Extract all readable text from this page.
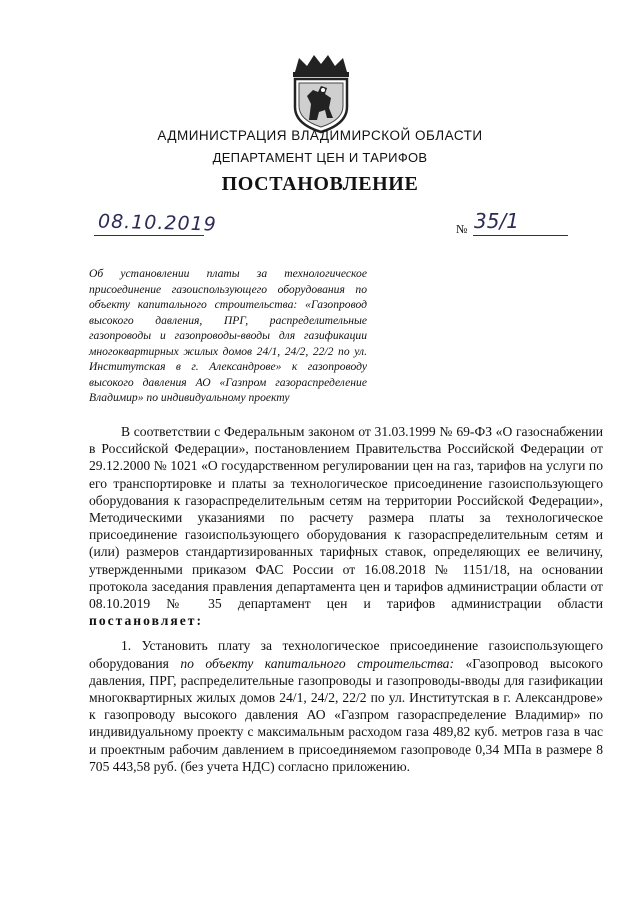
АДМИНИСТРАЦИЯ ВЛАДИМИРСКОЙ ОБЛАСТИ
ДЕПАРТАМЕНТ ЦЕН И ТАРИФОВ
ПОСТАНОВЛЕНИЕ
08.10.2019	№ 35/1
Об установлении платы за технологическое присоединение газоиспользующего оборудования по объекту капитального строительства: «Газопровод высокого давления, ПРГ, распределительные газопроводы и газопроводы-вводы для газификации многоквартирных жилых домов 24/1, 24/2, 22/2 по ул. Институтская в г. Александрове» к газопроводу высокого давления АО «Газпром газораспределение Владимир» по индивидуальному проекту

В соответствии с Федеральным законом от 31.03.1999 № 69-ФЗ «О газоснабжении в Российской Федерации», постановлением Правительства Российской Федерации от 29.12.2000 № 1021 «О государственном регулировании цен на газ, тарифов на услуги по его транспортировке и платы за технологическое присоединение газоиспользующего оборудования к газораспределительным сетям на территории Российской Федерации», Методическими указаниями по расчету размера платы за технологическое присоединение газоиспользующего оборудования к газораспределительным сетям и (или) размеров стандартизированных тарифных ставок, определяющих ее величину, утвержденными приказом ФАС России от 16.08.2018 № 1151/18, на основании протокола заседания правления департамента цен и тарифов администрации области от 08.10.2019 № 35 департамент цен и тарифов администрации области постановляет:

1. Установить плату за технологическое присоединение газоиспользующего оборудования по объекту капитального строительства: «Газопровод высокого давления, ПРГ, распределительные газопроводы и газопроводы-вводы для газификации многоквартирных жилых домов 24/1, 24/2, 22/2 по ул. Институтская в г. Александрове» к газопроводу высокого давления АО «Газпром газораспределение Владимир» по индивидуальному проекту с максимальным расходом газа 489,82 куб. метров газа в час и проектным рабочим давлением в присоединяемом газопроводе 0,34 МПа в размере 8 705 443,58 руб. (без учета НДС) согласно приложению.
